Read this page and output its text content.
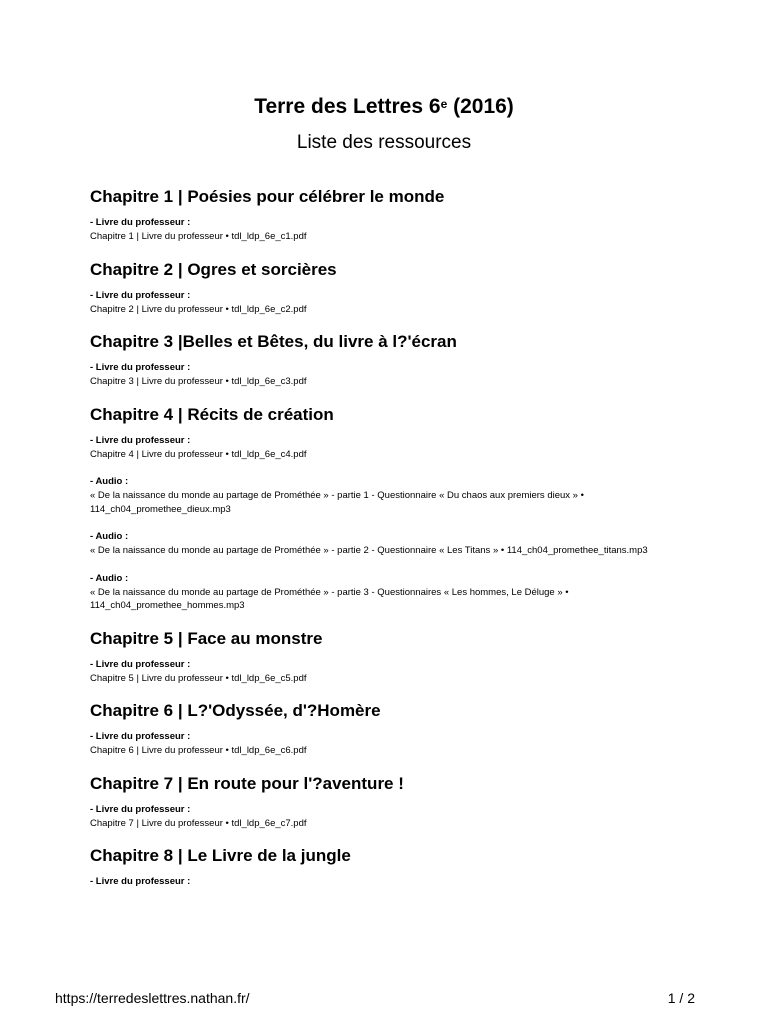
Terre des Lettres 6e (2016)
Liste des ressources
Chapitre 1 | Poésies pour célébrer le monde
- Livre du professeur :
Chapitre 1 | Livre du professeur • tdl_ldp_6e_c1.pdf
Chapitre 2 | Ogres et sorcières
- Livre du professeur :
Chapitre 2 | Livre du professeur • tdl_ldp_6e_c2.pdf
Chapitre 3 |Belles et Bêtes, du livre à l?'écran
- Livre du professeur :
Chapitre 3 | Livre du professeur • tdl_ldp_6e_c3.pdf
Chapitre 4 | Récits de création
- Livre du professeur :
Chapitre 4 | Livre du professeur • tdl_ldp_6e_c4.pdf
- Audio :
« De la naissance du monde au partage de Prométhée » - partie 1 - Questionnaire « Du chaos aux premiers dieux » • 114_ch04_promethee_dieux.mp3
- Audio :
« De la naissance du monde au partage de Prométhée » - partie 2 - Questionnaire « Les Titans » • 114_ch04_promethee_titans.mp3
- Audio :
« De la naissance du monde au partage de Prométhée » - partie 3 - Questionnaires « Les hommes, Le Déluge » • 114_ch04_promethee_hommes.mp3
Chapitre 5 | Face au monstre
- Livre du professeur :
Chapitre 5 | Livre du professeur • tdl_ldp_6e_c5.pdf
Chapitre 6 | L?'Odyssée, d'?Homère
- Livre du professeur :
Chapitre 6 | Livre du professeur • tdl_ldp_6e_c6.pdf
Chapitre 7 | En route pour l'?aventure !
- Livre du professeur :
Chapitre 7 | Livre du professeur • tdl_ldp_6e_c7.pdf
Chapitre 8 | Le Livre de la jungle
- Livre du professeur :
https://terredeslettres.nathan.fr/	1 / 2
